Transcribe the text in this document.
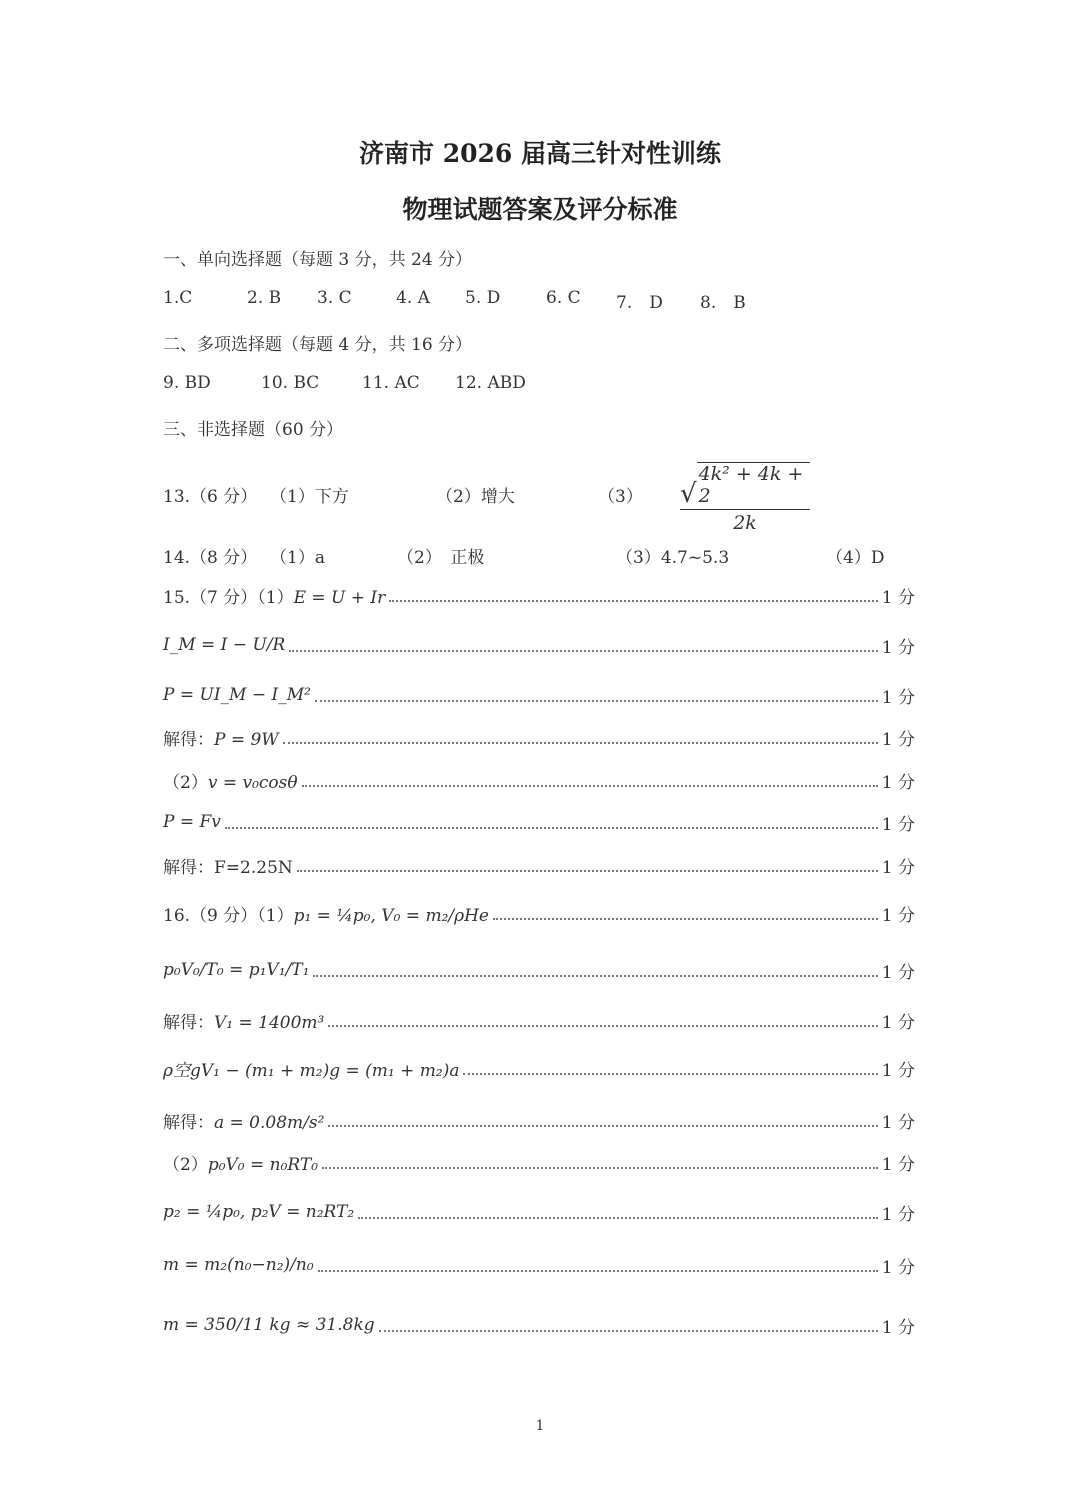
济南市 2026 届高三针对性训练
物理试题答案及评分标准
一、单向选择题（每题 3 分，共 24 分）
1.C	2. B 3. C	4. A 5. D	6. C 7.　D 8.　B
二、多项选择题（每题 4 分，共 16 分）
9. BD	10. BC	11. AC 12. ABD
三、非选择题（60 分）
13.（6 分） （1）下方	（2）增大	（3） √
4k² + 4k + 2
2k
14.（8 分） （1）a	（2）　正极	（3）4.7~5.3	（4）D
15.（7 分）（1）E = U + Ir	1 分
I_M = I − U/R	1 分
P = UI_M − I_M²	1 分
解得：P = 9W	1 分
（2）v = v₀cosθ	1 分
P = Fv	1 分
解得：F=2.25N	1 分
16.（9 分）（1）p₁ = ¼p₀, V₀ = m₂/ρHe	1 分
p₀V₀/T₀ = p₁V₁/T₁	1 分
解得：V₁ = 1400m³	1 分
ρ空gV₁ − (m₁ + m₂)g = (m₁ + m₂)a	1 分
解得：a = 0.08m/s²	1 分
（2）p₀V₀ = n₀RT₀	1 分
p₂ = ¼p₀, p₂V = n₂RT₂	1 分
m = m₂(n₀−n₂)/n₀	1 分
m = 350/11 kg ≈ 31.8kg	1 分
1
